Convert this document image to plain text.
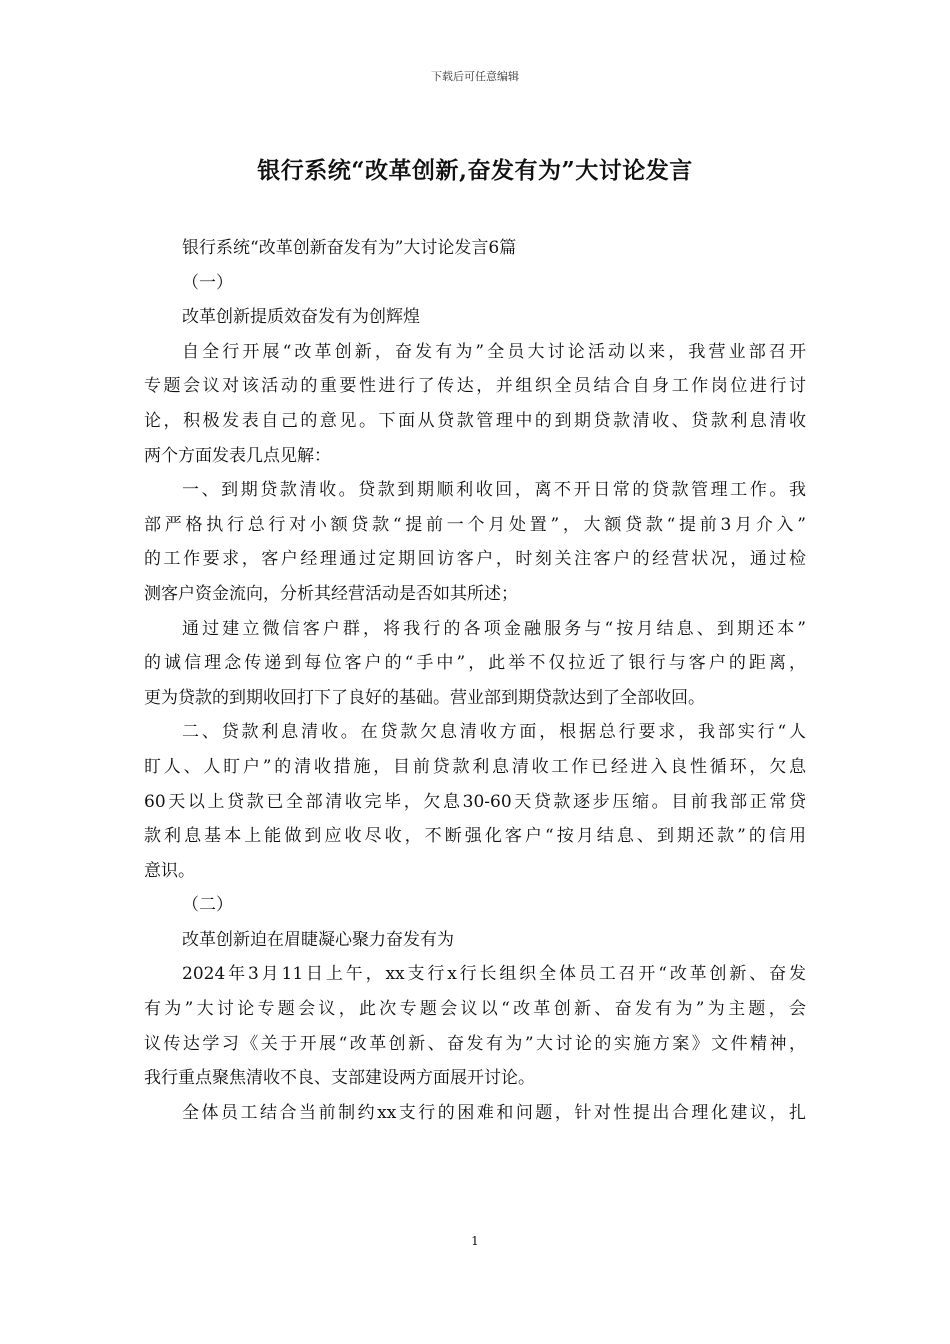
下载后可任意编辑
银行系统“改革创新,奋发有为”大讨论发言
银行系统“改革创新奋发有为”大讨论发言6篇
（一）
改革创新提质效奋发有为创辉煌
自全行开展“改革创新，奋发有为”全员大讨论活动以来，我营业部召开
专题会议对该活动的重要性进行了传达，并组织全员结合自身工作岗位进行讨
论，积极发表自己的意见。下面从贷款管理中的到期贷款清收、贷款利息清收
两个方面发表几点见解：
一、到期贷款清收。贷款到期顺利收回，离不开日常的贷款管理工作。我
部严格执行总行对小额贷款“提前一个月处置”，大额贷款“提前3月介入”
的工作要求，客户经理通过定期回访客户，时刻关注客户的经营状况，通过检
测客户资金流向，分析其经营活动是否如其所述；
通过建立微信客户群，将我行的各项金融服务与“按月结息、到期还本”
的诚信理念传递到每位客户的“手中”，此举不仅拉近了银行与客户的距离，
更为贷款的到期收回打下了良好的基础。营业部到期贷款达到了全部收回。
二、贷款利息清收。在贷款欠息清收方面，根据总行要求，我部实行“人
盯人、人盯户”的清收措施，目前贷款利息清收工作已经进入良性循环，欠息
60天以上贷款已全部清收完毕，欠息30-60天贷款逐步压缩。目前我部正常贷
款利息基本上能做到应收尽收，不断强化客户“按月结息、到期还款”的信用
意识。
（二）
改革创新迫在眉睫凝心聚力奋发有为
2024年3月11日上午，xx支行x行长组织全体员工召开“改革创新、奋发
有为”大讨论专题会议，此次专题会议以“改革创新、奋发有为”为主题，会
议传达学习《关于开展“改革创新、奋发有为”大讨论的实施方案》文件精神，
我行重点聚焦清收不良、支部建设两方面展开讨论。
全体员工结合当前制约xx支行的困难和问题，针对性提出合理化建议，扎
1
